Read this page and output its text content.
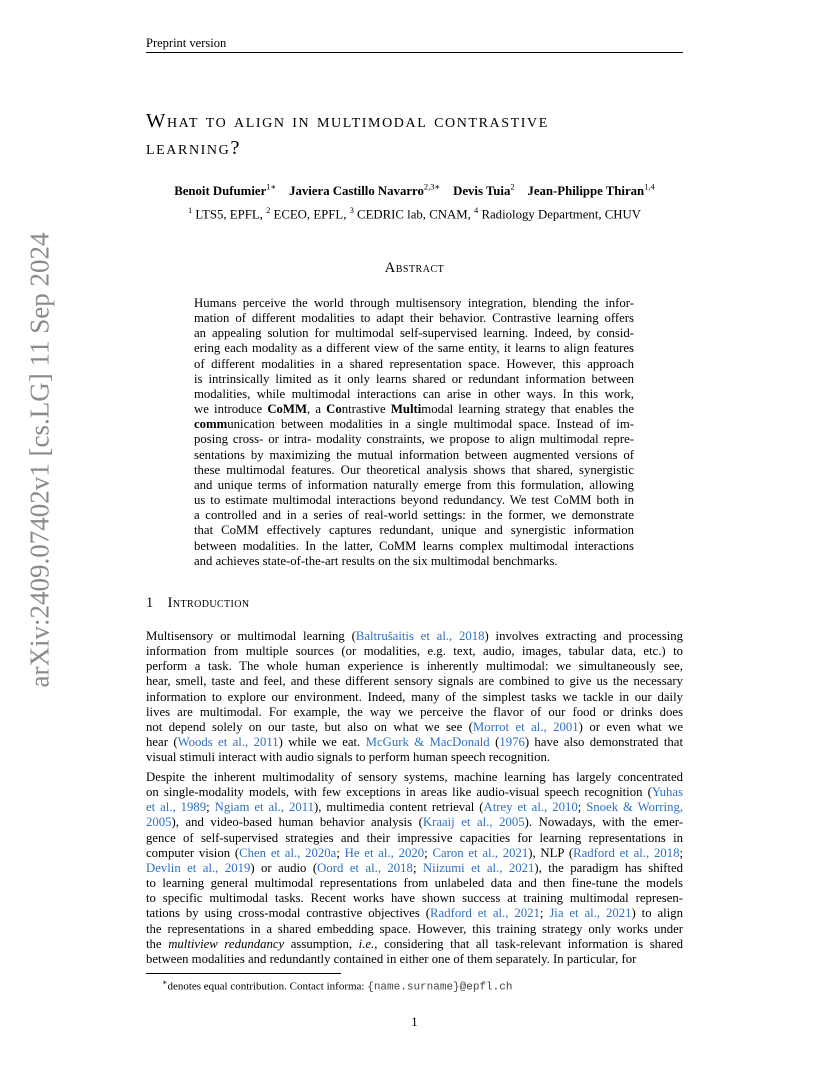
Preprint version
arXiv:2409.07402v1 [cs.LG] 11 Sep 2024
What to align in multimodal contrastive
learning?
Benoit Dufumier$^{1∗}$ Javiera Castillo Navarro$^{2,3∗}$ Devis Tuia$^2$ Jean-Philippe Thiran$^{1,4}$
$^1$ LTS5, EPFL, $^2$ ECEO, EPFL, $^3$ CEDRIC lab, CNAM, $^4$ Radiology Department, CHUV
Abstract
Humans perceive the world through multisensory integration, blending the infor-
mation of different modalities to adapt their behavior. Contrastive learning offers
an appealing solution for multimodal self-supervised learning. Indeed, by consid-
ering each modality as a different view of the same entity, it learns to align features
of different modalities in a shared representation space. However, this approach
is intrinsically limited as it only learns shared or redundant information between
modalities, while multimodal interactions can arise in other ways. In this work,
we introduce CoMM, a Contrastive Multimodal learning strategy that enables the
communication between modalities in a single multimodal space. Instead of im-
posing cross- or intra- modality constraints, we propose to align multimodal repre-
sentations by maximizing the mutual information between augmented versions of
these multimodal features. Our theoretical analysis shows that shared, synergistic
and unique terms of information naturally emerge from this formulation, allowing
us to estimate multimodal interactions beyond redundancy. We test CoMM both in
a controlled and in a series of real-world settings: in the former, we demonstrate
that CoMM effectively captures redundant, unique and synergistic information
between modalities. In the latter, CoMM learns complex multimodal interactions
and achieves state-of-the-art results on the six multimodal benchmarks.
1 Introduction
Multisensory or multimodal learning (Baltrušaitis et al., 2018) involves extracting and processing
information from multiple sources (or modalities, e.g. text, audio, images, tabular data, etc.) to
perform a task. The whole human experience is inherently multimodal: we simultaneously see,
hear, smell, taste and feel, and these different sensory signals are combined to give us the necessary
information to explore our environment. Indeed, many of the simplest tasks we tackle in our daily
lives are multimodal. For example, the way we perceive the flavor of our food or drinks does
not depend solely on our taste, but also on what we see (Morrot et al., 2001) or even what we
hear (Woods et al., 2011) while we eat. McGurk & MacDonald (1976) have also demonstrated that
visual stimuli interact with audio signals to perform human speech recognition.
Despite the inherent multimodality of sensory systems, machine learning has largely concentrated
on single-modality models, with few exceptions in areas like audio-visual speech recognition (Yuhas
et al., 1989; Ngiam et al., 2011), multimedia content retrieval (Atrey et al., 2010; Snoek & Worring,
2005), and video-based human behavior analysis (Kraaij et al., 2005). Nowadays, with the emer-
gence of self-supervised strategies and their impressive capacities for learning representations in
computer vision (Chen et al., 2020a; He et al., 2020; Caron et al., 2021), NLP (Radford et al., 2018;
Devlin et al., 2019) or audio (Oord et al., 2018; Niizumi et al., 2021), the paradigm has shifted
to learning general multimodal representations from unlabeled data and then fine-tune the models
to specific multimodal tasks. Recent works have shown success at training multimodal represen-
tations by using cross-modal contrastive objectives (Radford et al., 2021; Jia et al., 2021) to align
the representations in a shared embedding space. However, this training strategy only works under
the multiview redundancy assumption, i.e., considering that all task-relevant information is shared
between modalities and redundantly contained in either one of them separately. In particular, for
∗denotes equal contribution. Contact informa: {name.surname}@epfl.ch
1
